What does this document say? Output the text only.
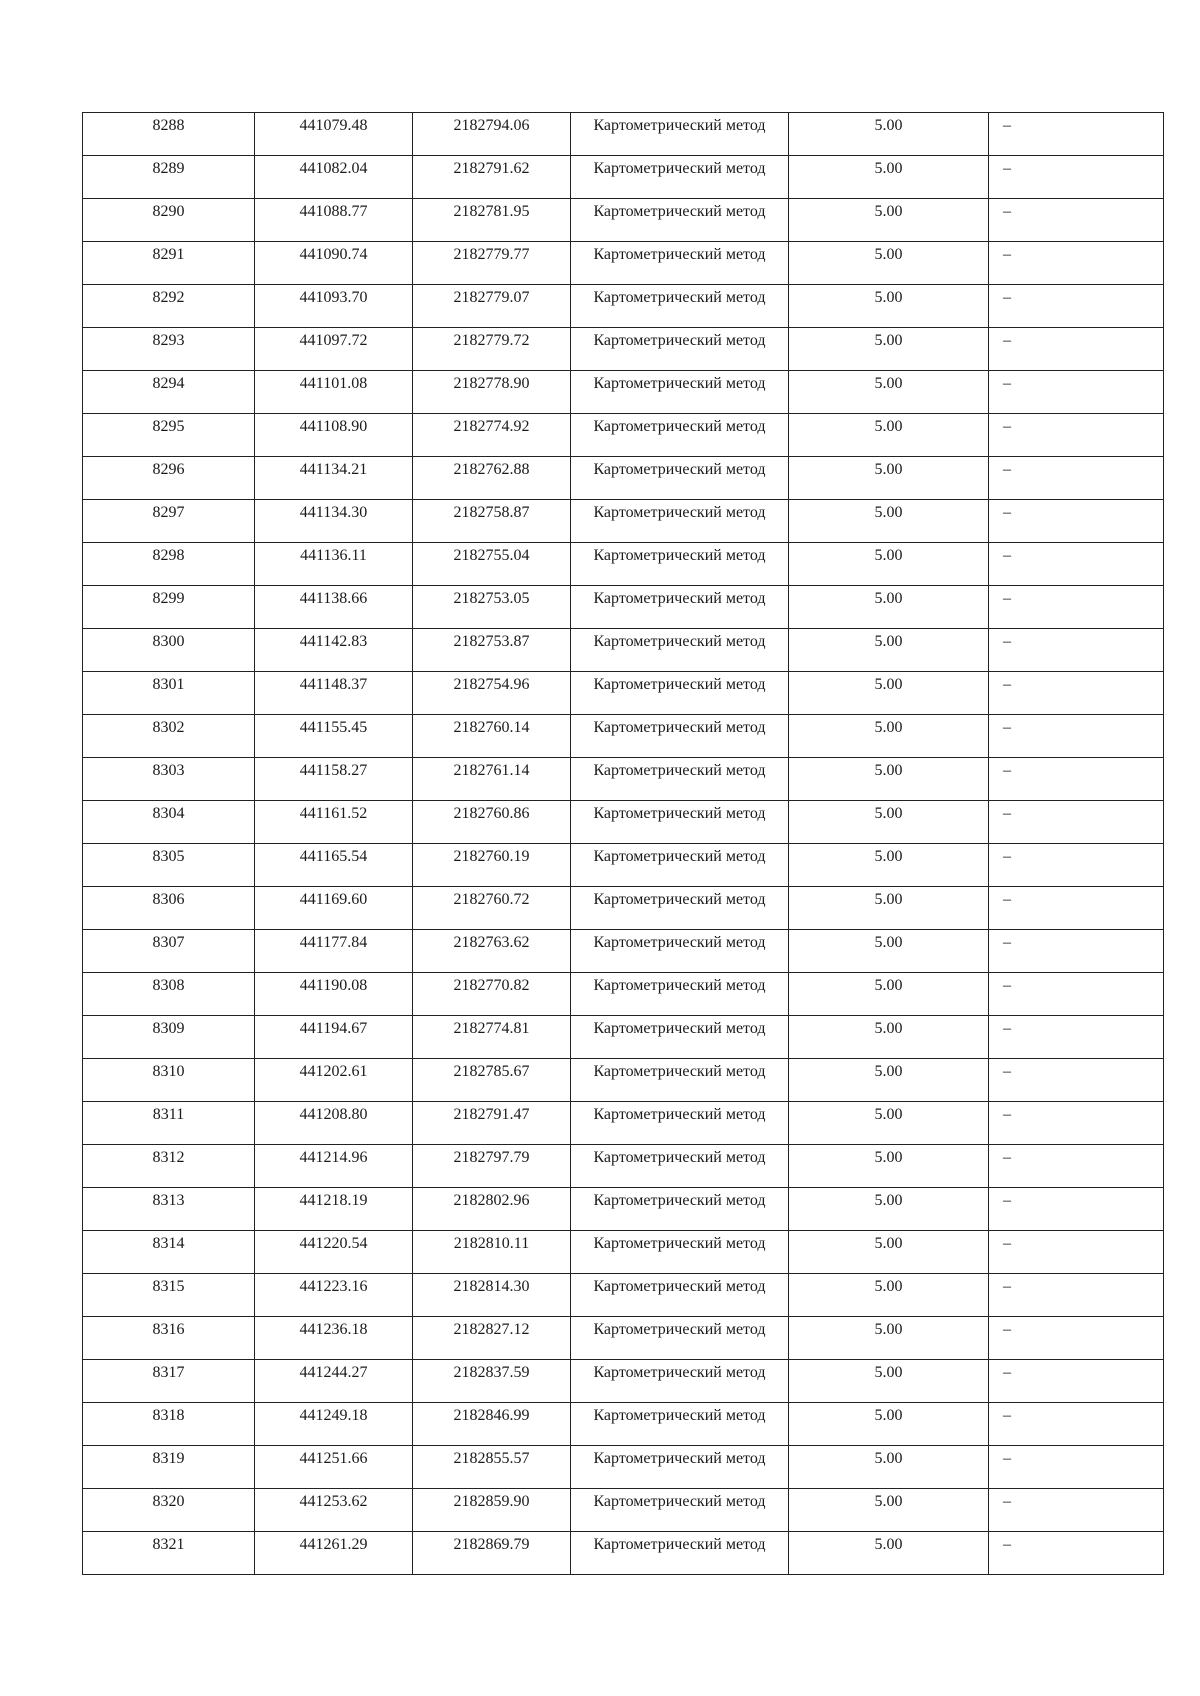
8288	441079.48	2182794.06	Картометрический метод	5.00	–

8289	441082.04	2182791.62	Картометрический метод	5.00	–

8290	441088.77	2182781.95	Картометрический метод	5.00	–

8291	441090.74	2182779.77	Картометрический метод	5.00	–

8292	441093.70	2182779.07	Картометрический метод	5.00	–

8293	441097.72	2182779.72	Картометрический метод	5.00	–

8294	441101.08	2182778.90	Картометрический метод	5.00	–

8295	441108.90	2182774.92	Картометрический метод	5.00	–

8296	441134.21	2182762.88	Картометрический метод	5.00	–

8297	441134.30	2182758.87	Картометрический метод	5.00	–

8298	441136.11	2182755.04	Картометрический метод	5.00	–

8299	441138.66	2182753.05	Картометрический метод	5.00	–

8300	441142.83	2182753.87	Картометрический метод	5.00	–

8301	441148.37	2182754.96	Картометрический метод	5.00	–

8302	441155.45	2182760.14	Картометрический метод	5.00	–

8303	441158.27	2182761.14	Картометрический метод	5.00	–

8304	441161.52	2182760.86	Картометрический метод	5.00	–

8305	441165.54	2182760.19	Картометрический метод	5.00	–

8306	441169.60	2182760.72	Картометрический метод	5.00	–

8307	441177.84	2182763.62	Картометрический метод	5.00	–

8308	441190.08	2182770.82	Картометрический метод	5.00	–

8309	441194.67	2182774.81	Картометрический метод	5.00	–

8310	441202.61	2182785.67	Картометрический метод	5.00	–

8311	441208.80	2182791.47	Картометрический метод	5.00	–

8312	441214.96	2182797.79	Картометрический метод	5.00	–

8313	441218.19	2182802.96	Картометрический метод	5.00	–

8314	441220.54	2182810.11	Картометрический метод	5.00	–

8315	441223.16	2182814.30	Картометрический метод	5.00	–

8316	441236.18	2182827.12	Картометрический метод	5.00	–

8317	441244.27	2182837.59	Картометрический метод	5.00	–

8318	441249.18	2182846.99	Картометрический метод	5.00	–

8319	441251.66	2182855.57	Картометрический метод	5.00	–

8320	441253.62	2182859.90	Картометрический метод	5.00	–

8321	441261.29	2182869.79	Картометрический метод	5.00	–
